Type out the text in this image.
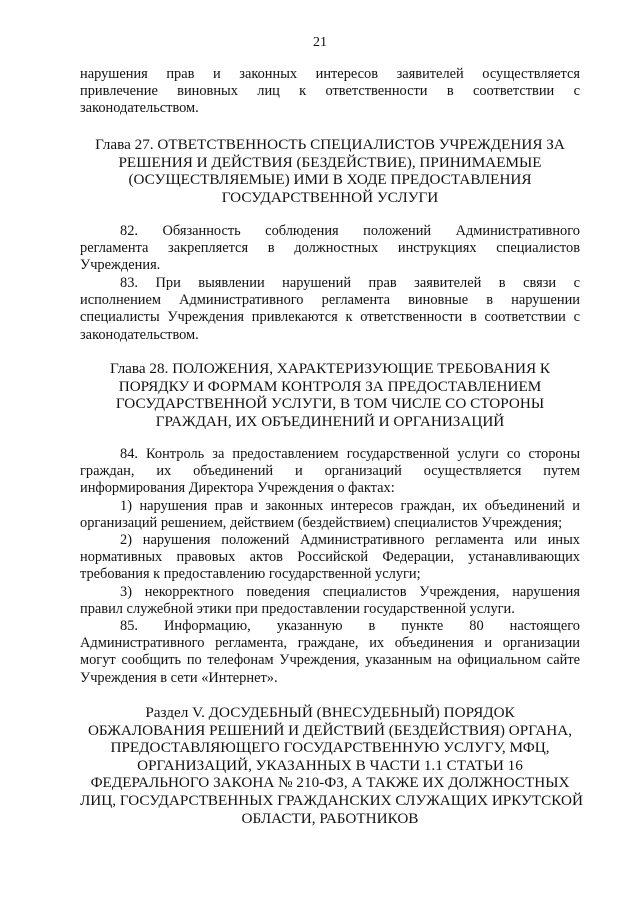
21
нарушения прав и законных интересов заявителей осуществляется
привлечение виновных лиц к ответственности в соответствии с
законодательством.
Глава 27. ОТВЕТСТВЕННОСТЬ СПЕЦИАЛИСТОВ УЧРЕЖДЕНИЯ ЗА
РЕШЕНИЯ И ДЕЙСТВИЯ (БЕЗДЕЙСТВИЕ), ПРИНИМАЕМЫЕ
(ОСУЩЕСТВЛЯЕМЫЕ) ИМИ В ХОДЕ ПРЕДОСТАВЛЕНИЯ
ГОСУДАРСТВЕННОЙ УСЛУГИ
82. Обязанность соблюдения положений Административного
регламента закрепляется в должностных инструкциях специалистов
Учреждения.
83. При выявлении нарушений прав заявителей в связи с
исполнением Административного регламента виновные в нарушении
специалисты Учреждения привлекаются к ответственности в соответствии с
законодательством.
Глава 28. ПОЛОЖЕНИЯ, ХАРАКТЕРИЗУЮЩИЕ ТРЕБОВАНИЯ К
ПОРЯДКУ И ФОРМАМ КОНТРОЛЯ ЗА ПРЕДОСТАВЛЕНИЕМ
ГОСУДАРСТВЕННОЙ УСЛУГИ, В ТОМ ЧИСЛЕ СО СТОРОНЫ
ГРАЖДАН, ИХ ОБЪЕДИНЕНИЙ И ОРГАНИЗАЦИЙ
84. Контроль за предоставлением государственной услуги со стороны
граждан, их объединений и организаций осуществляется путем
информирования Директора Учреждения о фактах:
1) нарушения прав и законных интересов граждан, их объединений и
организаций решением, действием (бездействием) специалистов Учреждения;
2) нарушения положений Административного регламента или иных
нормативных правовых актов Российской Федерации, устанавливающих
требования к предоставлению государственной услуги;
3) некорректного поведения специалистов Учреждения, нарушения
правил служебной этики при предоставлении государственной услуги.
85. Информацию, указанную в пункте 80 настоящего
Административного регламента, граждане, их объединения и организации
могут сообщить по телефонам Учреждения, указанным на официальном сайте
Учреждения в сети «Интернет».
Раздел V. ДОСУДЕБНЫЙ (ВНЕСУДЕБНЫЙ) ПОРЯДОК
ОБЖАЛОВАНИЯ РЕШЕНИЙ И ДЕЙСТВИЙ (БЕЗДЕЙСТВИЯ) ОРГАНА,
ПРЕДОСТАВЛЯЮЩЕГО ГОСУДАРСТВЕННУЮ УСЛУГУ, МФЦ,
ОРГАНИЗАЦИЙ, УКАЗАННЫХ В ЧАСТИ 1.1 СТАТЬИ 16
ФЕДЕРАЛЬНОГО ЗАКОНА № 210-ФЗ, А ТАКЖЕ ИХ ДОЛЖНОСТНЫХ
ЛИЦ, ГОСУДАРСТВЕННЫХ ГРАЖДАНСКИХ СЛУЖАЩИХ ИРКУТСКОЙ
ОБЛАСТИ, РАБОТНИКОВ
